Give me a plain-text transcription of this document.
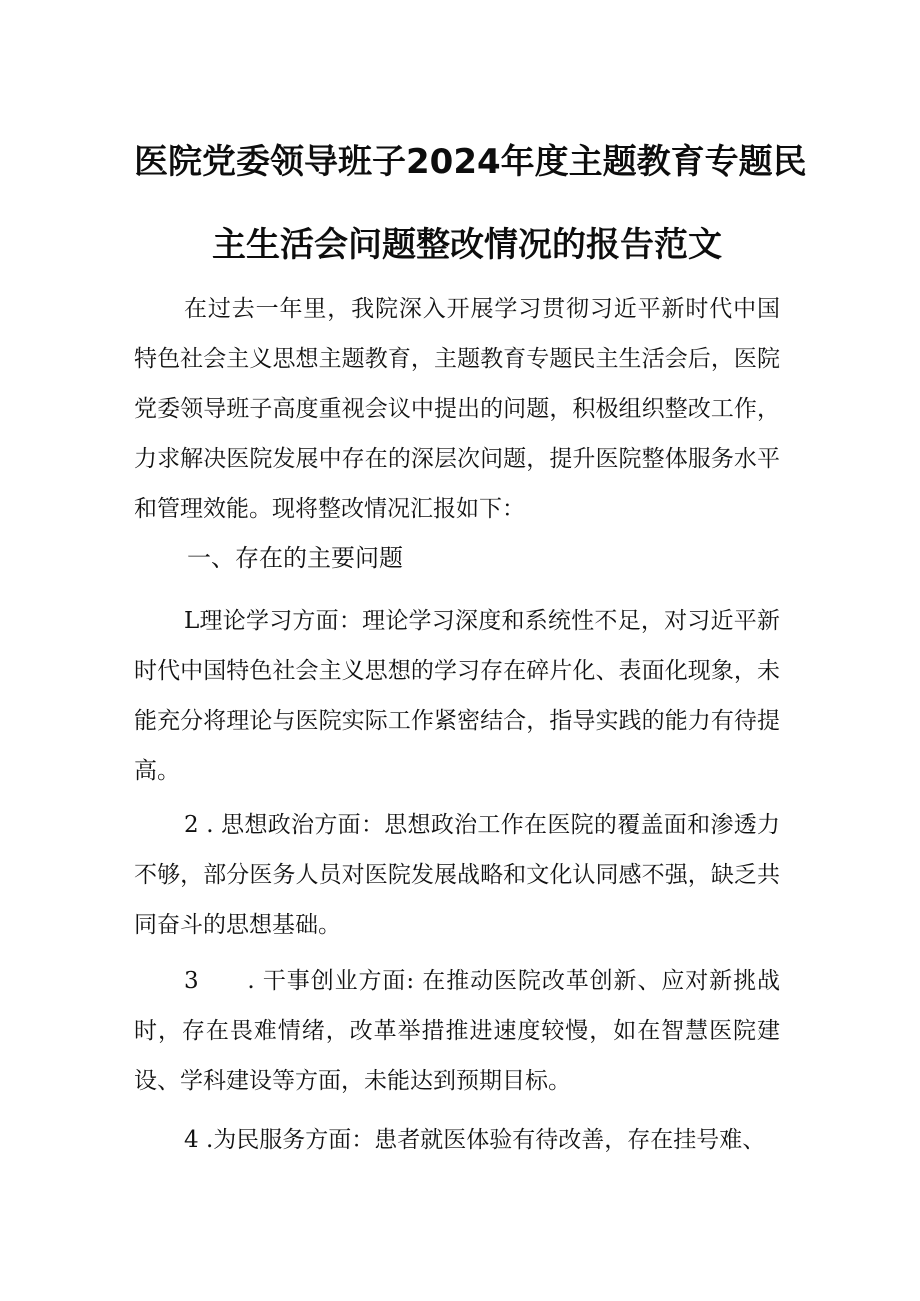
医院党委领导班子2024年度主题教育专题民
主生活会问题整改情况的报告范文

在过去一年里，我院深入开展学习贯彻习近平新时代中国特色社会主义思想主题教育，主题教育专题民主生活会后，医院党委领导班子高度重视会议中提出的问题，积极组织整改工作，力求解决医院发展中存在的深层次问题，提升医院整体服务水平和管理效能。现将整改情况汇报如下：

一、存在的主要问题

L理论学习方面：理论学习深度和系统性不足，对习近平新时代中国特色社会主义思想的学习存在碎片化、表面化现象，未能充分将理论与医院实际工作紧密结合，指导实践的能力有待提高。

2 . 思想政治方面：思想政治工作在医院的覆盖面和渗透力不够，部分医务人员对医院发展战略和文化认同感不强，缺乏共同奋斗的思想基础。

3　　. 干事创业方面: 在推动医院改革创新、应对新挑战时，存在畏难情绪，改革举措推进速度较慢，如在智慧医院建设、学科建设等方面，未能达到预期目标。

4 .为民服务方面：患者就医体验有待改善，存在挂号难、
